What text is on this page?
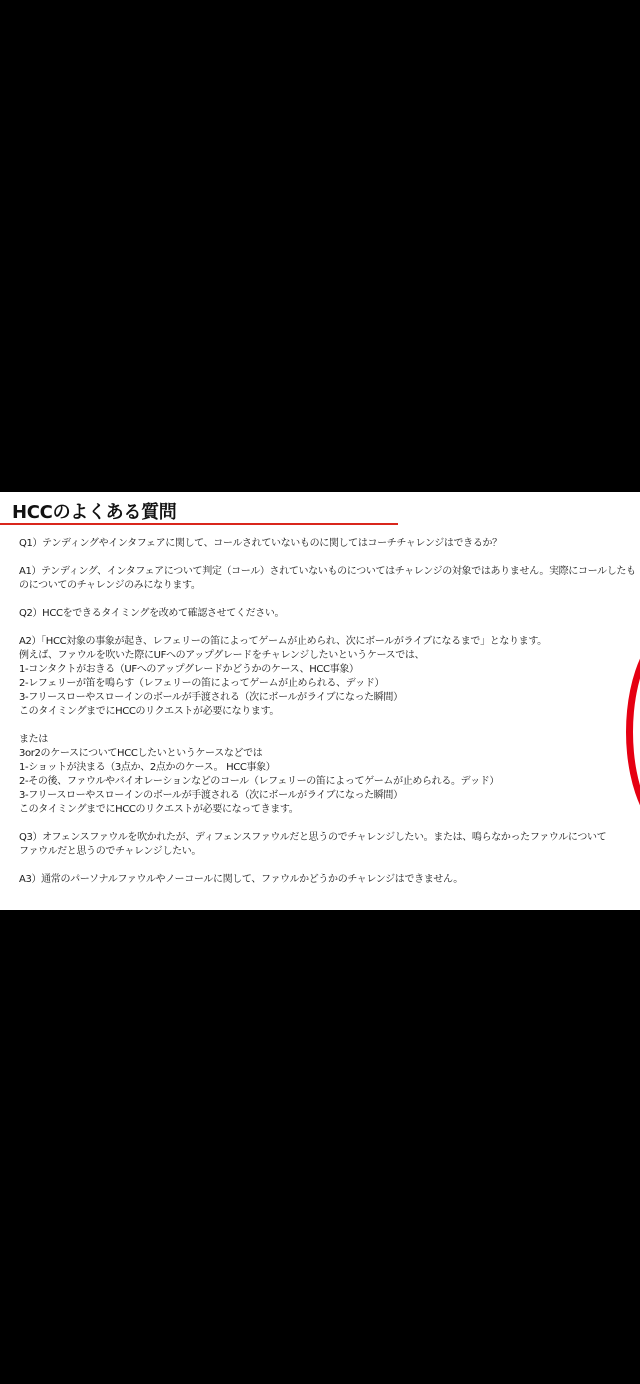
HCCのよくある質問
Q1）テンディングやインタフェアに関して、コールされていないものに関してはコーチチャレンジはできるか？
A1）テンディング、インタフェアについて判定（コール）されていないものについてはチャレンジの対象ではありません。実際にコールしたも
のについてのチャレンジのみになります。
Q2）HCCをできるタイミングを改めて確認させてください。
A2）「HCC対象の事象が起き、レフェリーの笛によってゲームが止められ、次にボールがライブになるまで」となります。
例えば、ファウルを吹いた際にUFへのアップグレードをチャレンジしたいというケースでは、
1-コンタクトがおきる（UFへのアップグレードかどうかのケース、HCC事象）
2-レフェリーが笛を鳴らす（レフェリーの笛によってゲームが止められる、デッド）
3-フリースローやスローインのボールが手渡される（次にボールがライブになった瞬間）
このタイミングまでにHCCのリクエストが必要になります。
または
3or2のケースについてHCCしたいというケースなどでは
1-ショットが決まる（3点か、2点かのケース。 HCC事象）
2-その後、ファウルやバイオレーションなどのコール（レフェリーの笛によってゲームが止められる。デッド）
3-フリースローやスローインのボールが手渡される（次にボールがライブになった瞬間）
このタイミングまでにHCCのリクエストが必要になってきます。
Q3）オフェンスファウルを吹かれたが、ディフェンスファウルだと思うのでチャレンジしたい。または、鳴らなかったファウルについて
ファウルだと思うのでチャレンジしたい。
A3）通常のパーソナルファウルやノーコールに関して、ファウルかどうかのチャレンジはできません。
